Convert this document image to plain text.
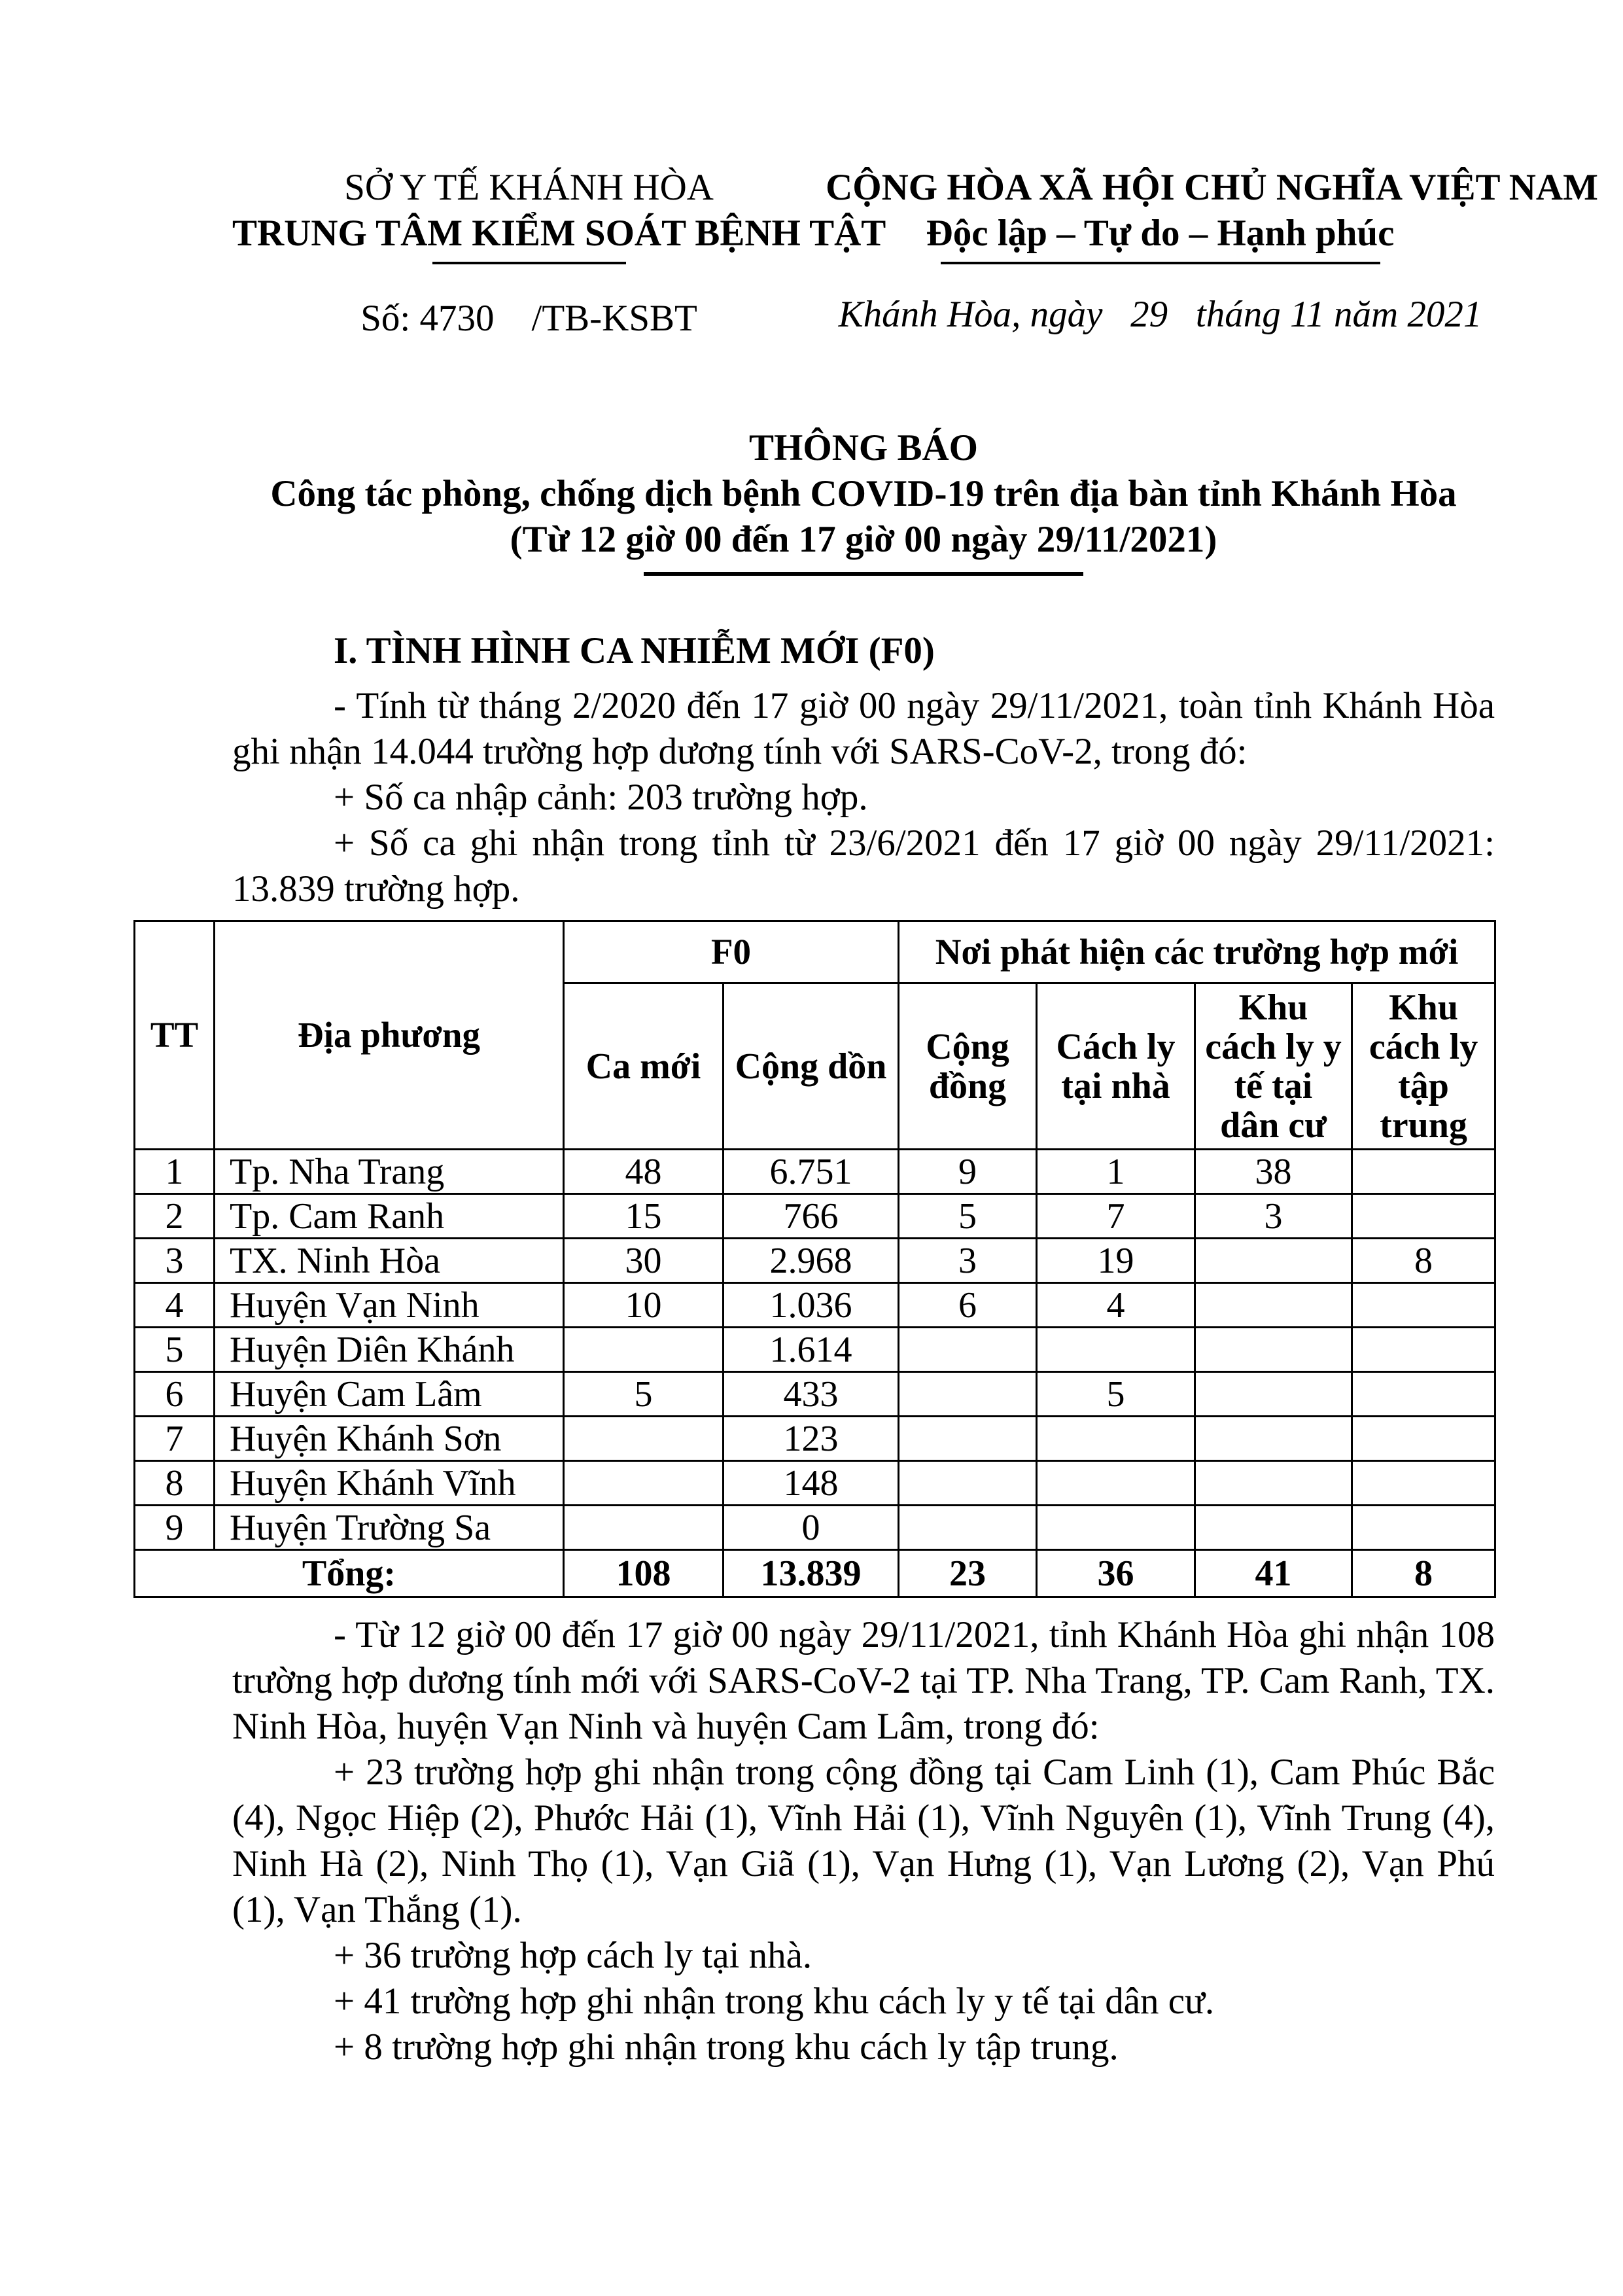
SỞ Y TẾ KHÁNH HÒA
TRUNG TÂM KIỂM SOÁT BỆNH TẬT
Số: 4730    /TB-KSBT
CỘNG HÒA XÃ HỘI CHỦ NGHĨA VIỆT NAM
Độc lập – Tự do – Hạnh phúc
Khánh Hòa, ngày   29   tháng 11 năm 2021
THÔNG BÁO
Công tác phòng, chống dịch bệnh COVID-19 trên địa bàn tỉnh Khánh Hòa
(Từ 12 giờ 00 đến 17 giờ 00 ngày 29/11/2021)

I. TÌNH HÌNH CA NHIỄM MỚI (F0)

- Tính từ tháng 2/2020 đến 17 giờ 00 ngày 29/11/2021, toàn tỉnh Khánh Hòa ghi nhận 14.044 trường hợp dương tính với SARS-CoV-2, trong đó:

+ Số ca nhập cảnh: 203 trường hợp.

+ Số ca ghi nhận trong tỉnh từ 23/6/2021 đến 17 giờ 00 ngày 29/11/2021: 13.839 trường hợp.

TT	Địa phương	F0		Nơi phát hiện các trường hợp mới			
		Ca mới	Cộng dồn	Cộng đồng	Cách ly tại nhà	Khu cách ly y tế tại dân cư	Khu cách ly tập trung
1	Tp. Nha Trang	48	6.751	9	1	38	
2	Tp. Cam Ranh	15	766	5	7	3	
3	TX. Ninh Hòa	30	2.968	3	19		8
4	Huyện Vạn Ninh	10	1.036	6	4		
5	Huyện Diên Khánh		1.614				
6	Huyện Cam Lâm	5	433		5		
7	Huyện Khánh Sơn		123				
8	Huyện Khánh Vĩnh		148				
9	Huyện Trường Sa		0				
Tổng:		108	13.839	23	36	41	8

- Từ 12 giờ 00 đến 17 giờ 00 ngày 29/11/2021, tỉnh Khánh Hòa ghi nhận 108 trường hợp dương tính mới với SARS-CoV-2 tại TP. Nha Trang, TP. Cam Ranh, TX. Ninh Hòa, huyện Vạn Ninh và huyện Cam Lâm, trong đó:

+ 23 trường hợp ghi nhận trong cộng đồng tại Cam Linh (1), Cam Phúc Bắc (4), Ngọc Hiệp (2), Phước Hải (1), Vĩnh Hải (1), Vĩnh Nguyên (1), Vĩnh Trung (4), Ninh Hà (2), Ninh Thọ (1), Vạn Giã (1), Vạn Hưng (1), Vạn Lương (2), Vạn Phú (1), Vạn Thắng (1).

+ 36 trường hợp cách ly tại nhà.

+ 41 trường hợp ghi nhận trong khu cách ly y tế tại dân cư.

+ 8 trường hợp ghi nhận trong khu cách ly tập trung.
